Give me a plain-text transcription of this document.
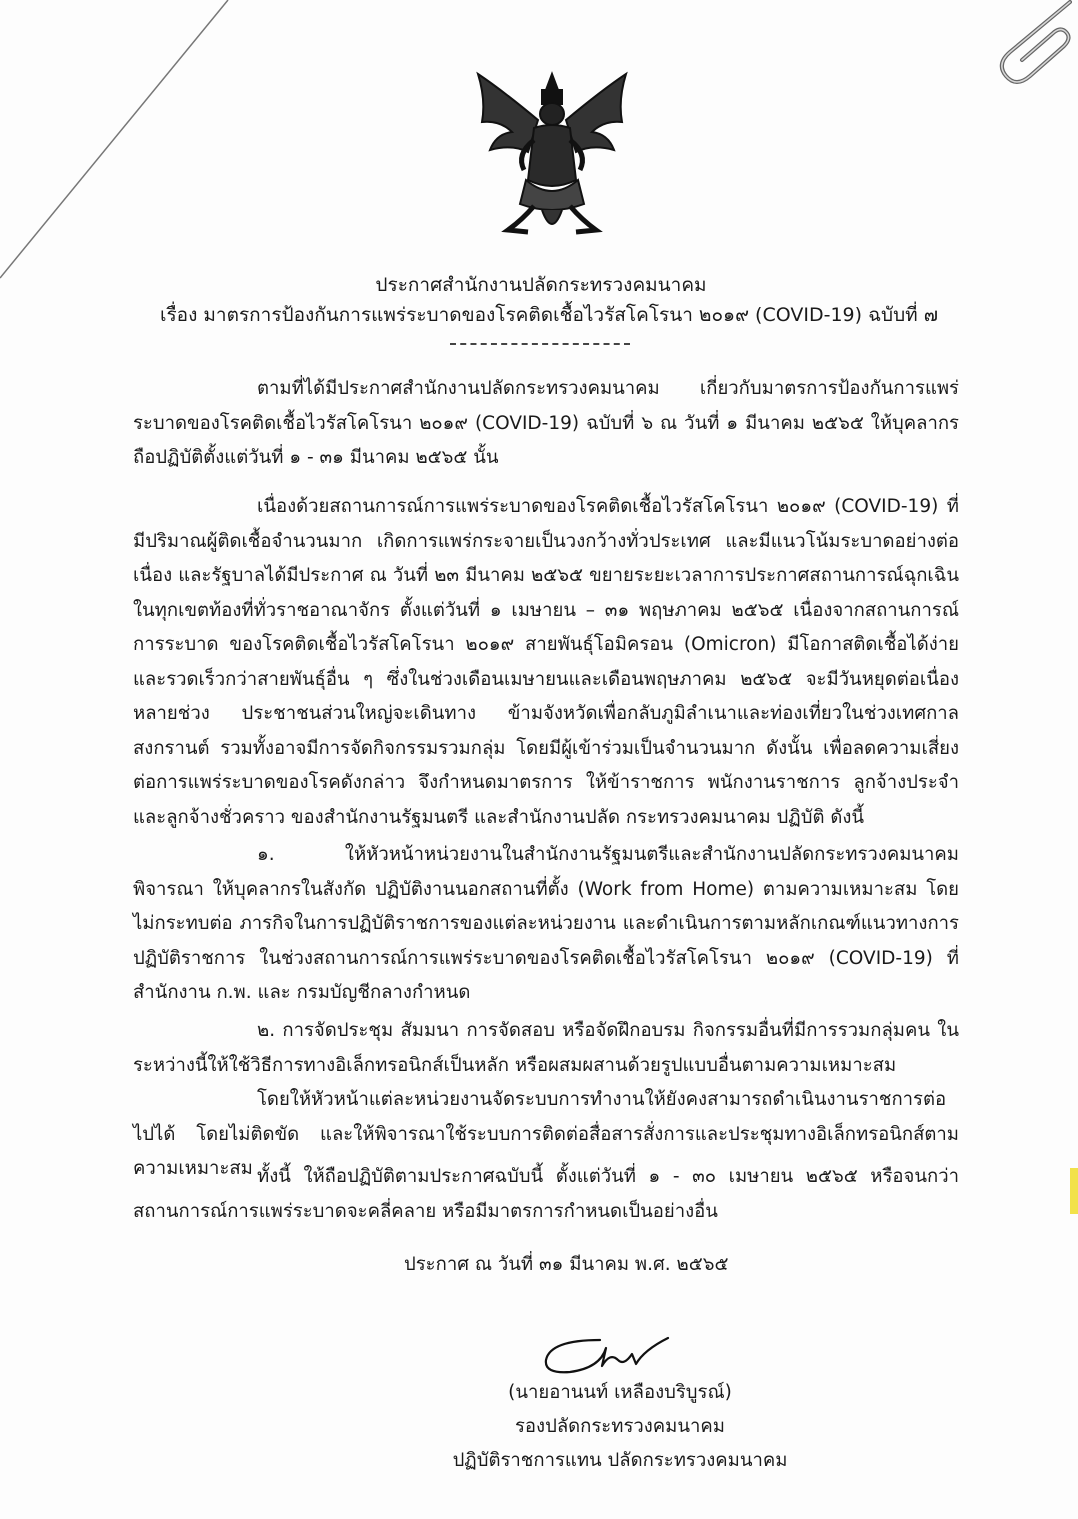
ประกาศสำนักงานปลัดกระทรวงคมนาคม
เรื่อง มาตรการป้องกันการแพร่ระบาดของโรคติดเชื้อไวรัสโคโรนา ๒๐๑๙ (COVID-19) ฉบับที่ ๗
ตามที่ได้มีประกาศสำนักงานปลัดกระทรวงคมนาคม เกี่ยวกับมาตรการป้องกันการแพร่ระบาดของโรคติดเชื้อไวรัสโคโรนา ๒๐๑๙ (COVID-19) ฉบับที่ ๖ ณ วันที่ ๑ มีนาคม ๒๕๖๕ ให้บุคลากรถือปฏิบัติตั้งแต่วันที่ ๑ - ๓๑ มีนาคม ๒๕๖๕ นั้น
เนื่องด้วยสถานการณ์การแพร่ระบาดของโรคติดเชื้อไวรัสโคโรนา ๒๐๑๙ (COVID-19) ที่มีปริมาณผู้ติดเชื้อจำนวนมาก เกิดการแพร่กระจายเป็นวงกว้างทั่วประเทศ และมีแนวโน้มระบาดอย่างต่อเนื่อง และรัฐบาลได้มีประกาศ ณ วันที่ ๒๓ มีนาคม ๒๕๖๕ ขยายระยะเวลาการประกาศสถานการณ์ฉุกเฉิน ในทุกเขตท้องที่ทั่วราชอาณาจักร ตั้งแต่วันที่ ๑ เมษายน – ๓๑ พฤษภาคม ๒๕๖๕ เนื่องจากสถานการณ์การระบาด ของโรคติดเชื้อไวรัสโคโรนา ๒๐๑๙ สายพันธุ์โอมิครอน (Omicron) มีโอกาสติดเชื้อได้ง่ายและรวดเร็วกว่าสายพันธุ์อื่น ๆ ซึ่งในช่วงเดือนเมษายนและเดือนพฤษภาคม ๒๕๖๕ จะมีวันหยุดต่อเนื่องหลายช่วง ประชาชนส่วนใหญ่จะเดินทาง ข้ามจังหวัดเพื่อกลับภูมิลำเนาและท่องเที่ยวในช่วงเทศกาลสงกรานต์ รวมทั้งอาจมีการจัดกิจกรรมรวมกลุ่ม โดยมีผู้เข้าร่วมเป็นจำนวนมาก ดังนั้น เพื่อลดความเสี่ยงต่อการแพร่ระบาดของโรคดังกล่าว จึงกำหนดมาตรการ ให้ข้าราชการ พนักงานราชการ ลูกจ้างประจำ และลูกจ้างชั่วคราว ของสำนักงานรัฐมนตรี และสำนักงานปลัด กระทรวงคมนาคม ปฏิบัติ ดังนี้
๑. ให้หัวหน้าหน่วยงานในสำนักงานรัฐมนตรีและสำนักงานปลัดกระทรวงคมนาคม พิจารณา ให้บุคลากรในสังกัด ปฏิบัติงานนอกสถานที่ตั้ง (Work from Home) ตามความเหมาะสม โดยไม่กระทบต่อ ภารกิจในการปฏิบัติราชการของแต่ละหน่วยงาน และดำเนินการตามหลักเกณฑ์แนวทางการปฏิบัติราชการ ในช่วงสถานการณ์การแพร่ระบาดของโรคติดเชื้อไวรัสโคโรนา ๒๐๑๙ (COVID-19) ที่สำนักงาน ก.พ. และ กรมบัญชีกลางกำหนด
๒. การจัดประชุม สัมมนา การจัดสอบ หรือจัดฝึกอบรม กิจกรรมอื่นที่มีการรวมกลุ่มคน ในระหว่างนี้ให้ใช้วิธีการทางอิเล็กทรอนิกส์เป็นหลัก หรือผสมผสานด้วยรูปแบบอื่นตามความเหมาะสม
โดยให้หัวหน้าแต่ละหน่วยงานจัดระบบการทำงานให้ยังคงสามารถดำเนินงานราชการต่อไปได้ โดยไม่ติดขัด และให้พิจารณาใช้ระบบการติดต่อสื่อสารสั่งการและประชุมทางอิเล็กทรอนิกส์ตามความเหมาะสม ทั้งนี้ ให้ถือปฏิบัติตามประกาศฉบับนี้ ตั้งแต่วันที่ ๑ - ๓๐ เมษายน ๒๕๖๕ หรือจนกว่า สถานการณ์การแพร่ระบาดจะคลี่คลาย หรือมีมาตรการกำหนดเป็นอย่างอื่น
ประกาศ ณ วันที่ ๓๑ มีนาคม พ.ศ. ๒๕๖๕
(นายอานนท์ เหลืองบริบูรณ์)
รองปลัดกระทรวงคมนาคม
ปฏิบัติราชการแทน ปลัดกระทรวงคมนาคม
